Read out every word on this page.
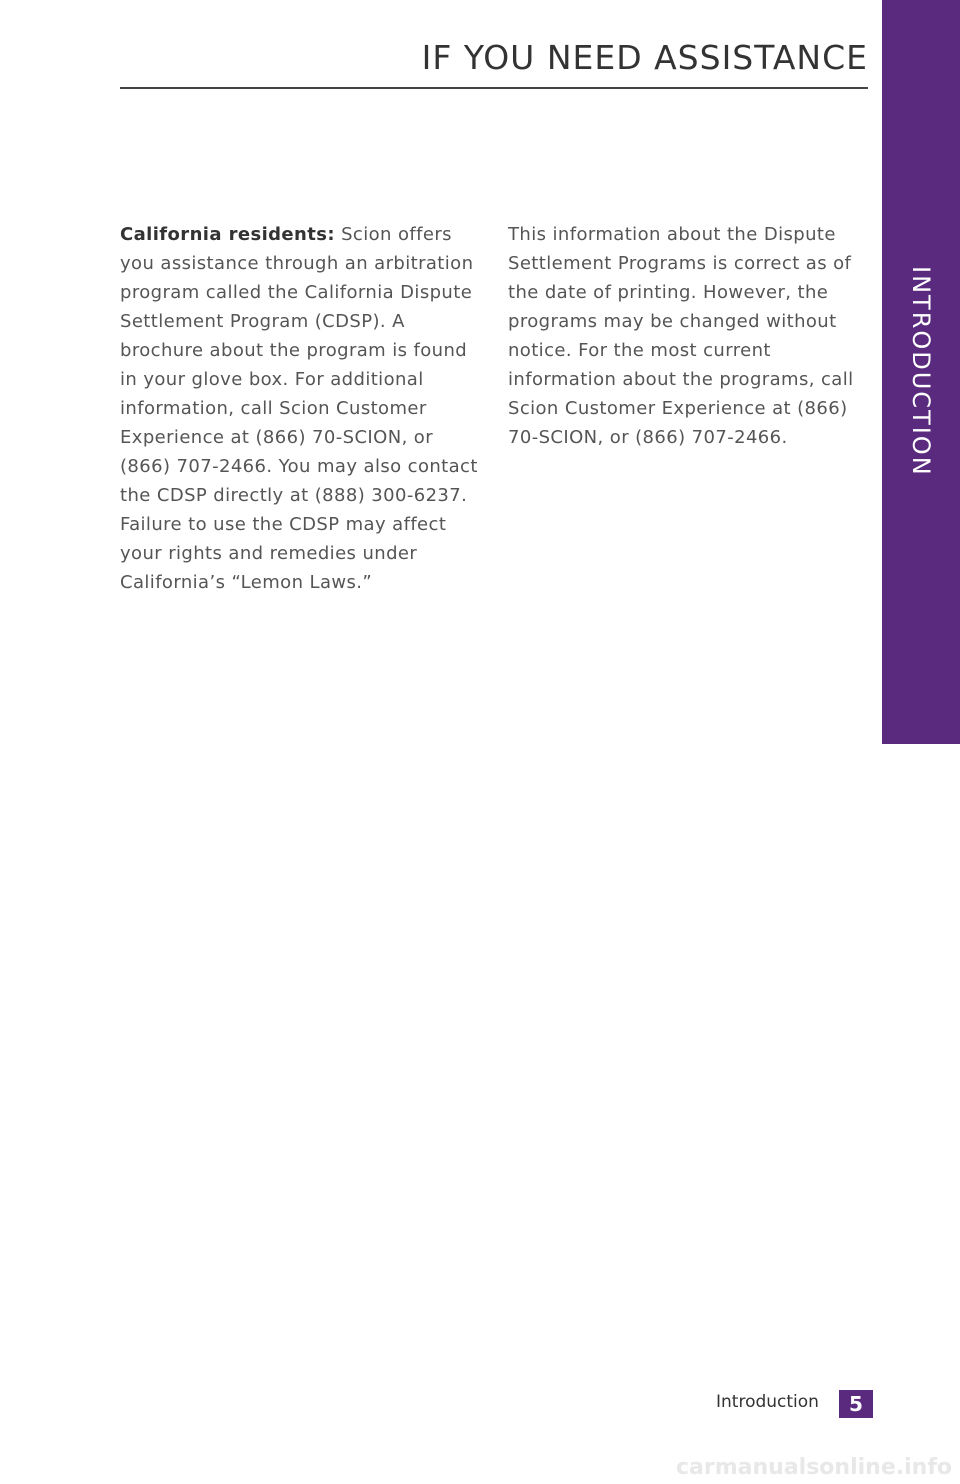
IF YOU NEED ASSISTANCE
INTRODUCTION

California residents: Scion offers you assistance through an arbitration program called the California Dispute Settlement Program (CDSP). A brochure about the program is found in your glove box. For additional information, call Scion Customer Experience at (866) 70-SCION, or (866) 707-2466. You may also contact the CDSP directly at (888) 300-6237. Failure to use the CDSP may affect your rights and remedies under California’s “Lemon Laws.”

This information about the Dispute Settlement Programs is correct as of the date of printing. However, the programs may be changed without notice. For the most current information about the programs, call Scion Customer Experience at (866) 70-SCION, or (866) 707-2466.

Introduction	5
carmanualsonline.info
